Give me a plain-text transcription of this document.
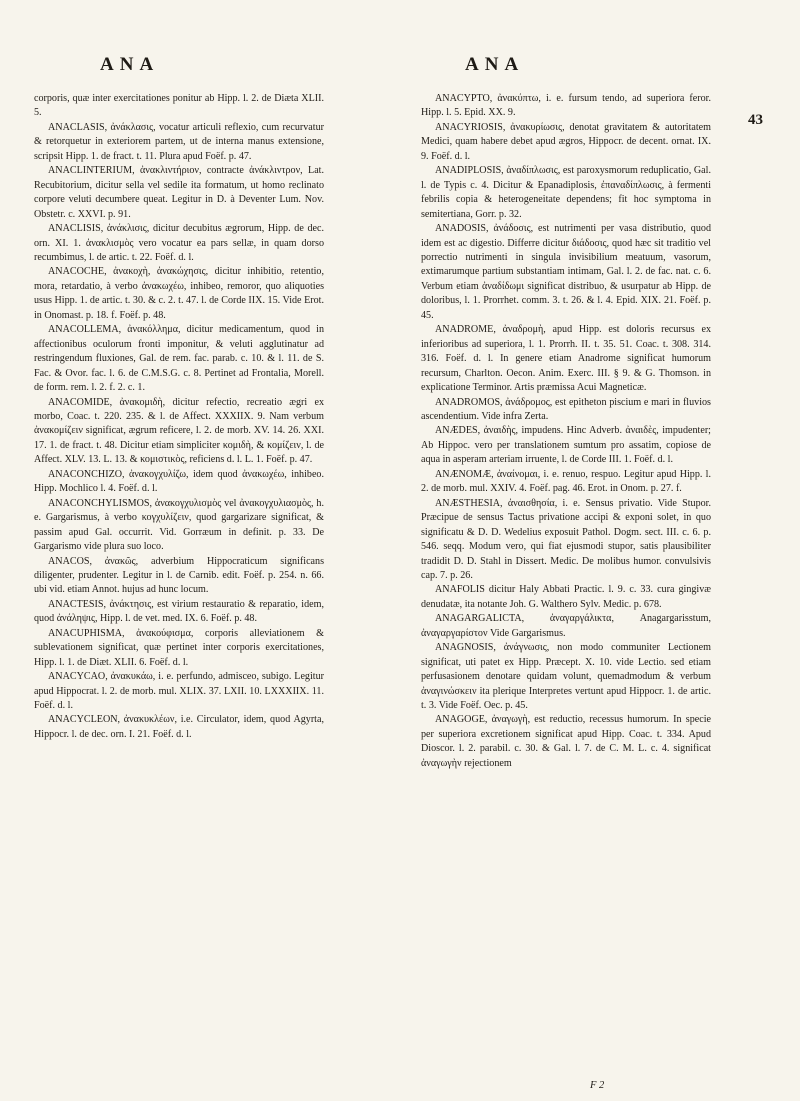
ANA	ANA
43

corporis, quæ inter exercitationes ponitur ab Hipp. l. 2. de Diæta XLII. 5.

ANACLASIS, ἀνάκλασις, vocatur articuli reflexio, cum recurvatur & retorquetur in exteriorem partem, ut de interna manus extensione, scripsit Hipp. 1. de fract. t. 11. Plura apud Foëf. p. 47.

ANACLINTERIUM, ἀνακλιντήριον, contracte ἀνάκλιντρον, Lat. Recubitorium, dicitur sella vel sedile ita formatum, ut homo reclinato corpore veluti decumbere queat. Legitur in D. à Deventer Lum. Nov. Obstetr. c. XXVI. p. 91.

ANACLISIS, ἀνάκλισις, dicitur decubitus ægrorum, Hipp. de dec. orn. XI. 1. ἀνακλισμὸς vero vocatur ea pars sellæ, in quam dorso recumbimus, l. de artic. t. 22. Foëf. d. l.

ANACOCHE, ἀνακοχὴ, ἀνακώχησις, dicitur inhibitio, retentio, mora, retardatio, à verbo ἀνακωχέω, inhibeo, remoror, quo aliquoties usus Hipp. 1. de artic. t. 30. & c. 2. t. 47. l. de Corde IIX. 15. Vide Erot. in Onomast. p. 18. f. Foëf. p. 48.

ANACOLLEMA, ἀνακόλλημα, dicitur medicamentum, quod in affectionibus oculorum fronti imponitur, & veluti agglutinatur ad restringendum fluxiones, Gal. de rem. fac. parab. c. 10. & l. 11. de S. Fac. & Ovor. fac. l. 6. de C.M.S.G. c. 8. Pertinet ad Frontalia, Morell. de form. rem. l. 2. f. 2. c. 1.

ANACOMIDE, ἀνακομιδὴ, dicitur refectio, recreatio ægri ex morbo, Coac. t. 220. 235. & l. de Affect. XXXIIX. 9. Nam verbum ἀνακομίζειν significat, ægrum reficere, l. 2. de morb. XV. 14. 26. XXI. 17. 1. de fract. t. 48. Dicitur etiam simpliciter κομιδὴ, & κομίζειν, l. de Affect. XLV. 13. L. 13. & κομιστικὸς, reficiens d. l. L. 1. Foëf. p. 47.

ANACONCHIZO, ἀνακογχυλίζω, idem quod ἀνακωχέω, inhibeo. Hipp. Mochlico l. 4. Foëf. d. l.

ANACONCHYLISMOS, ἀνακογχυλισμὸς vel ἀνακογχυλιασμὸς, h. e. Gargarismus, à verbo κογχυλίζειν, quod gargarizare significat, & passim apud Gal. occurrit. Vid. Gorræum in definit. p. 33. De Gargarismo vide plura suo loco.

ANACOS, ἀνακῶς, adverbium Hippocraticum significans diligenter, prudenter. Legitur in l. de Carnib. edit. Foëf. p. 254. n. 66. ubi vid. etiam Annot. hujus ad hunc locum.

ANACTESIS, ἀνάκτησις, est virium restauratio & reparatio, idem, quod ἀνάληψις, Hipp. l. de vet. med. IX. 6. Foëf. p. 48.

ANACUPHISMA, ἀνακούφισμα, corporis alleviationem & sublevationem significat, quæ pertinet inter corporis exercitationes, Hipp. l. 1. de Diæt. XLII. 6. Foëf. d. l.

ANACYCAO, ἀνακυκάω, i. e. perfundo, admisceo, subigo. Legitur apud Hippocrat. l. 2. de morb. mul. XLIX. 37. LXII. 10. LXXXIIX. 11. Foëf. d. l.

ANACYCLEON, ἀνακυκλέων, i.e. Circulator, idem, quod Agyrta, Hippocr. l. de dec. orn. I. 21. Foëf. d. l.

ANACYPTO, ἀνακύπτω, i. e. fursum tendo, ad superiora feror. Hipp. l. 5. Epid. XX. 9.

ANACYRIOSIS, ἀνακυρίωσις, denotat gravitatem & autoritatem Medici, quam habere debet apud ægros, Hippocr. de decent. ornat. IX. 9. Foëf. d. l.

ANADIPLOSIS, ἀναδίπλωσις, est paroxysmorum reduplicatio, Gal. l. de Typis c. 4. Dicitur & Epanadiplosis, ἐπαναδίπλωσις, à fermenti febrilis copia & heterogeneitate dependens; fit hoc symptoma in semitertiana, Gorr. p. 32.

ANADOSIS, ἀνάδοσις, est nutrimenti per vasa distributio, quod idem est ac digestio. Differre dicitur διάδοσις, quod hæc sit traditio vel porrectio nutrimenti in singula invisibilium meatuum, vasorum, extimarumque partium substantiam intimam, Gal. l. 2. de fac. nat. c. 6. Verbum etiam ἀναδίδωμι significat distribuo, & usurpatur ab Hipp. de doloribus, l. 1. Prorrhet. comm. 3. t. 26. & l. 4. Epid. XIX. 21. Foëf. p. 45.

ANADROME, ἀναδρομὴ, apud Hipp. est doloris recursus ex inferioribus ad superiora, l. 1. Prorrh. II. t. 35. 51. Coac. t. 308. 314. 316. Foëf. d. l. In genere etiam Anadrome significat humorum recursum, Charlton. Oecon. Anim. Exerc. III. § 9. & G. Thomson. in explicatione Terminor. Artis præmissa Acui Magneticæ.

ANADROMOS, ἀνάδρομος, est epitheton piscium e mari in fluvios ascendentium. Vide infra Zerta.

ANÆDES, ἀναιδὴς, impudens. Hinc Adverb. ἀναιδὲς, impudenter; Ab Hippoc. vero per translationem sumtum pro assatim, copiose de aqua in asperam arteriam irruente, l. de Corde III. 1. Foëf. d. l.

ANÆNOMÆ, ἀναίνομαι, i. e. renuo, respuo. Legitur apud Hipp. l. 2. de morb. mul. XXIV. 4. Foëf. pag. 46. Erot. in Onom. p. 27. f.

ANÆSTHESIA, ἀναισθησία, i. e. Sensus privatio. Vide Stupor. Præcipue de sensus Tactus privatione accipi & exponi solet, in quo significatu & D. D. Wedelius exposuit Pathol. Dogm. sect. III. c. 6. p. 546. seqq. Modum vero, qui fiat ejusmodi stupor, satis plausibiliter tradidit D. D. Stahl in Dissert. Medic. De molibus humor. convulsivis cap. 7. p. 26.

ANAFOLIS dicitur Haly Abbati Practic. l. 9. c. 33. cura gingivæ denudatæ, ita notante Joh. G. Walthero Sylv. Medic. p. 678.

ANAGARGALICTA, ἀναγαργάλικτα, Anagargarisstum, ἀναγαργαρίστον Vide Gargarismus.

ANAGNOSIS, ἀνάγνωσις, non modo communiter Lectionem significat, uti patet ex Hipp. Præcept. X. 10. vide Lectio. sed etiam perfusasionem denotare quidam volunt, quemadmodum & verbum ἀναγινώσκειν ita plerique Interpretes vertunt apud Hippocr. 1. de artic. t. 3. Vide Foëf. Oec. p. 45.

ANAGOGE, ἀναγωγὴ, est reductio, recessus humorum. In specie per superiora excretionem significat apud Hipp. Coac. t. 334. Apud Dioscor. l. 2. parabil. c. 30. & Gal. l. 7. de C. M. L. c. 4. significat ἀναγωγὴν rejectionem

F 2
